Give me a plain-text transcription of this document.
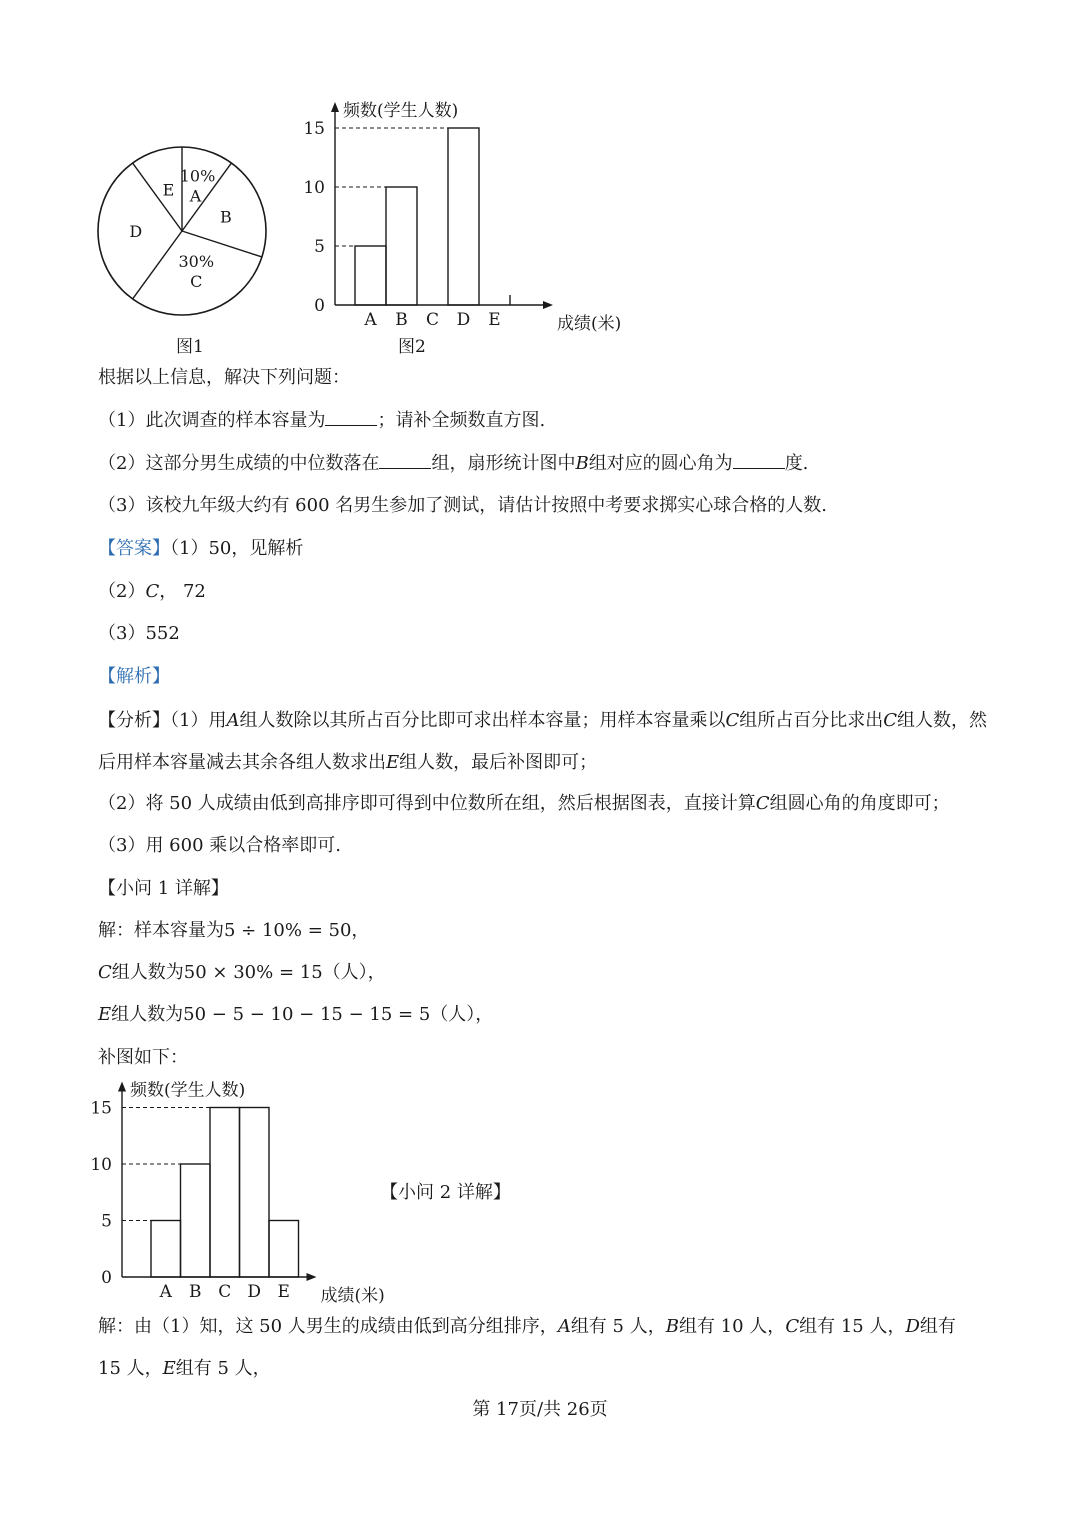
10%
A
B
30%
C
D
E
图1
频数(学生人数)
0
5
10
15
A B C D E	成绩(米)
图2
根据以上信息，解决下列问题：
（1）此次调查的样本容量为	；请补全频数直方图.
（2）这部分男生成绩的中位数落在	组，扇形统计图中B组对应的圆心角为	度.
（3）该校九年级大约有 600 名男生参加了测试，请估计按照中考要求掷实心球合格的人数.
【答案】（1）50，见解析
（2）C， 72
（3）552
【解析】
【分析】（1）用A组人数除以其所占百分比即可求出样本容量；用样本容量乘以C组所占百分比求出C组人数，然后用样本容量减去其余各组人数求出E组人数，最后补图即可；
（2）将 50 人成绩由低到高排序即可得到中位数所在组，然后根据图表，直接计算C组圆心角的角度即可；
（3）用 600 乘以合格率即可.
【小问 1 详解】
解：样本容量为5 ÷ 10% = 50，
C组人数为50 × 30% = 15（人），
E组人数为50 − 5 − 10 − 15 − 15 = 5（人），
补图如下：
频数(学生人数)
0
5
10
15
A B C D E 成绩(米)
【小问 2 详解】
解：由（1）知，这 50 人男生的成绩由低到高分组排序，A组有 5 人，B组有 10 人，C组有 15 人，D组有
15 人，E组有 5 人，
第 17页/共 26页
